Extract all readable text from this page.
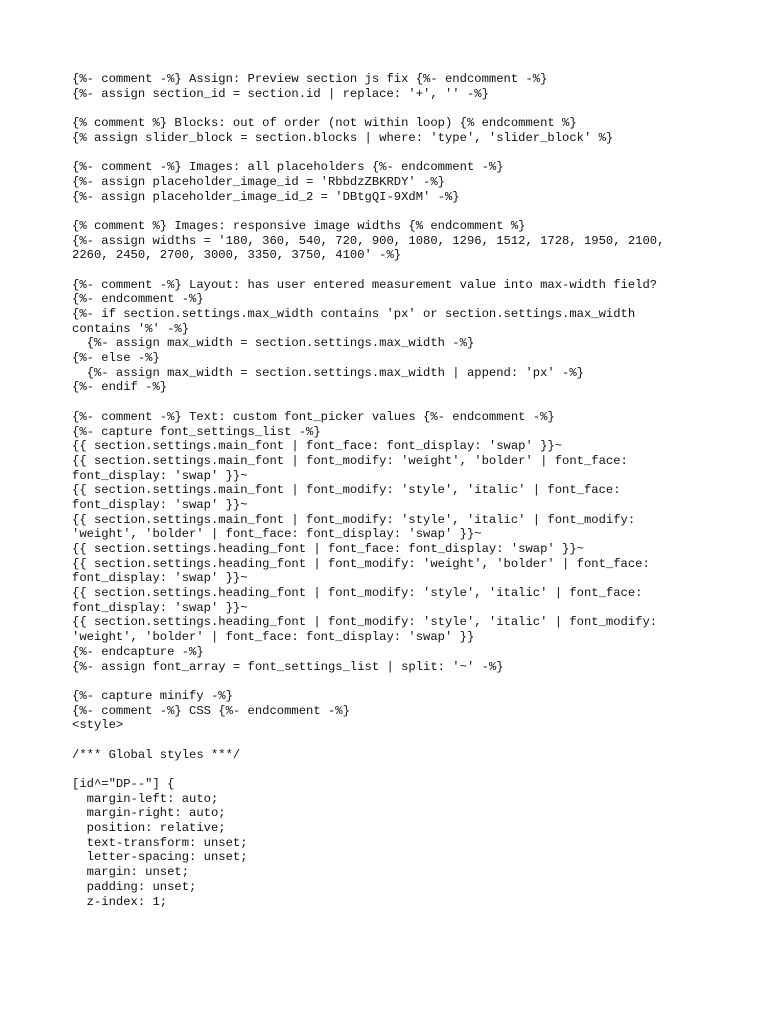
{%- comment -%} Assign: Preview section js fix {%- endcomment -%}
{%- assign section_id = section.id | replace: '+', '' -%}
{% comment %} Blocks: out of order (not within loop) {% endcomment %}
{% assign slider_block = section.blocks | where: 'type', 'slider_block' %}
{%- comment -%} Images: all placeholders {%- endcomment -%}
{%- assign placeholder_image_id = 'RbbdzZBKRDY' -%}
{%- assign placeholder_image_id_2 = 'DBtgQI-9XdM' -%}
{% comment %} Images: responsive image widths {% endcomment %}
{%- assign widths = '180, 360, 540, 720, 900, 1080, 1296, 1512, 1728, 1950, 2100,
2260, 2450, 2700, 3000, 3350, 3750, 4100' -%}
{%- comment -%} Layout: has user entered measurement value into max-width field?
{%- endcomment -%}
{%- if section.settings.max_width contains 'px' or section.settings.max_width
contains '%' -%}
{%- assign max_width = section.settings.max_width -%}
{%- else -%}
{%- assign max_width = section.settings.max_width | append: 'px' -%}
{%- endif -%}
{%- comment -%} Text: custom font_picker values {%- endcomment -%}
{%- capture font_settings_list -%}
{{ section.settings.main_font | font_face: font_display: 'swap' }}~
{{ section.settings.main_font | font_modify: 'weight', 'bolder' | font_face:
font_display: 'swap' }}~
{{ section.settings.main_font | font_modify: 'style', 'italic' | font_face:
font_display: 'swap' }}~
{{ section.settings.main_font | font_modify: 'style', 'italic' | font_modify:
'weight', 'bolder' | font_face: font_display: 'swap' }}~
{{ section.settings.heading_font | font_face: font_display: 'swap' }}~
{{ section.settings.heading_font | font_modify: 'weight', 'bolder' | font_face:
font_display: 'swap' }}~
{{ section.settings.heading_font | font_modify: 'style', 'italic' | font_face:
font_display: 'swap' }}~
{{ section.settings.heading_font | font_modify: 'style', 'italic' | font_modify:
'weight', 'bolder' | font_face: font_display: 'swap' }}
{%- endcapture -%}
{%- assign font_array = font_settings_list | split: '~' -%}
{%- capture minify -%}
{%- comment -%} CSS {%- endcomment -%}
<style>
/*** Global styles ***/
[id^="DP--"] {
margin-left: auto;
margin-right: auto;
position: relative;
text-transform: unset;
letter-spacing: unset;
margin: unset;
padding: unset;
z-index: 1;
